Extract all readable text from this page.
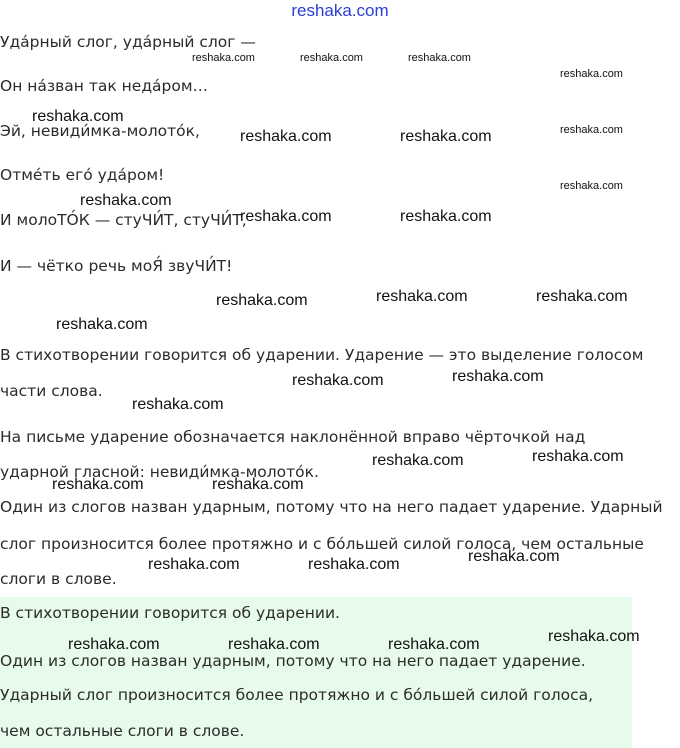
reshaka.com
Уда́рный слог, уда́рный слог —
Он на́зван так неда́ром…
Эй, невиди́мка-молото́к,
Отме́ть его́ уда́ром!
И молоТО́К — стуЧИ́Т, стуЧИ́Т,
И — чётко речь моЯ́ звуЧИ́Т!
В стихотворении говорится об ударении. Ударение — это выделение голосом
части слова.
На письме ударение обозначается наклонённой вправо чёрточкой над
ударной гласной: невиди́мка-молото́к.
Один из слогов назван ударным, потому что на него падает ударение. Ударный
слог произносится более протяжно и с бо́льшей силой голоса, чем остальные
слоги в слове.
В стихотворении говорится об ударении.
Один из слогов назван ударным, потому что на него падает ударение.
Ударный слог произносится более протяжно и с бо́льшей силой голоса,
чем остальные слоги в слове.
reshaka.com	reshaka.com	reshaka.com
reshaka.com
reshaka.com
reshaka.com	reshaka.com	reshaka.com
reshaka.com
reshaka.com
reshaka.com	reshaka.com
reshaka.com	reshaka.com	reshaka.com
reshaka.com
reshaka.com	reshaka.com
reshaka.com
reshaka.com	reshaka.com
reshaka.com	reshaka.com
reshaka.com
reshaka.com	reshaka.com
reshaka.com
reshaka.com	reshaka.com	reshaka.com
